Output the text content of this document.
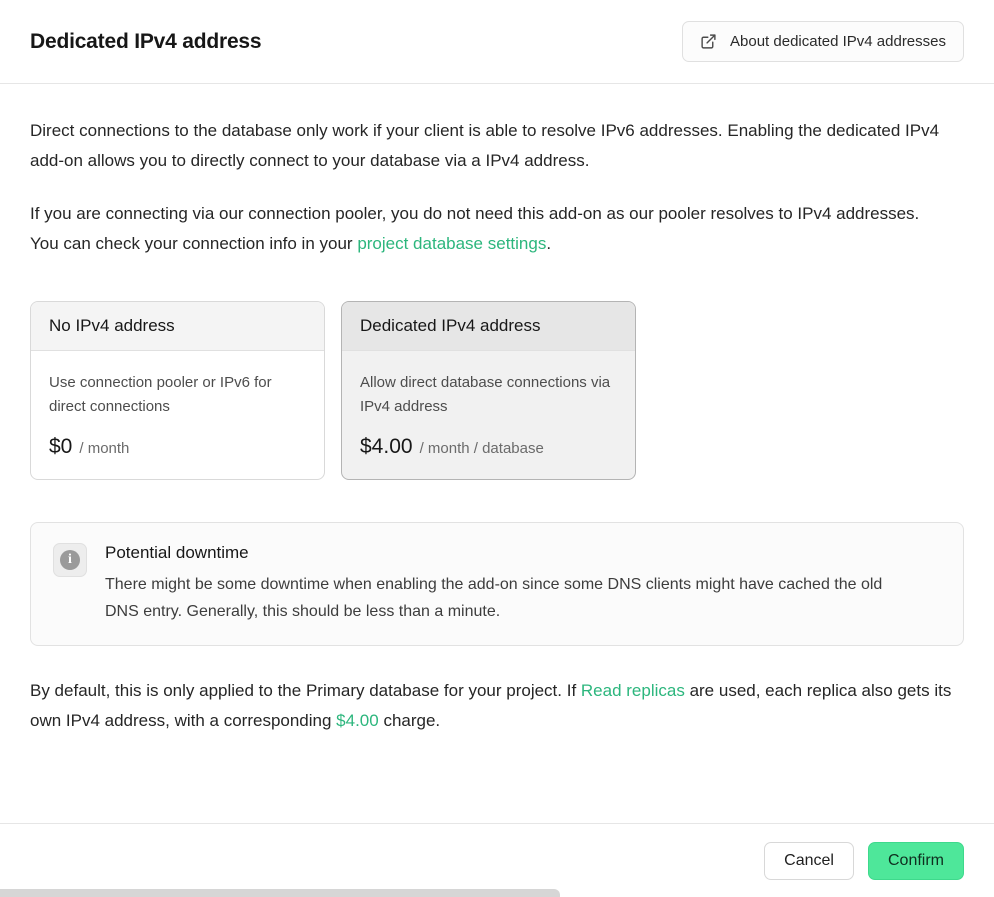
Dedicated IPv4 address	About dedicated IPv4 addresses

Direct connections to the database only work if your client is able to resolve IPv6 addresses. Enabling the dedicated IPv4 add-on allows you to directly connect to your database via a IPv4 address.

If you are connecting via our connection pooler, you do not need this add-on as our pooler resolves to IPv4 addresses. You can check your connection info in your project database settings.

No IPv4 address
Use connection pooler or IPv6 for direct connections
$0 / month
Dedicated IPv4 address
Allow direct database connections via IPv4 address
$4.00 / month / database
i	Potential downtime
There might be some downtime when enabling the add-on since some DNS clients might have cached the old DNS entry. Generally, this should be less than a minute.

By default, this is only applied to the Primary database for your project. If Read replicas are used, each replica also gets its own IPv4 address, with a corresponding $4.00 charge.

Cancel	Confirm
